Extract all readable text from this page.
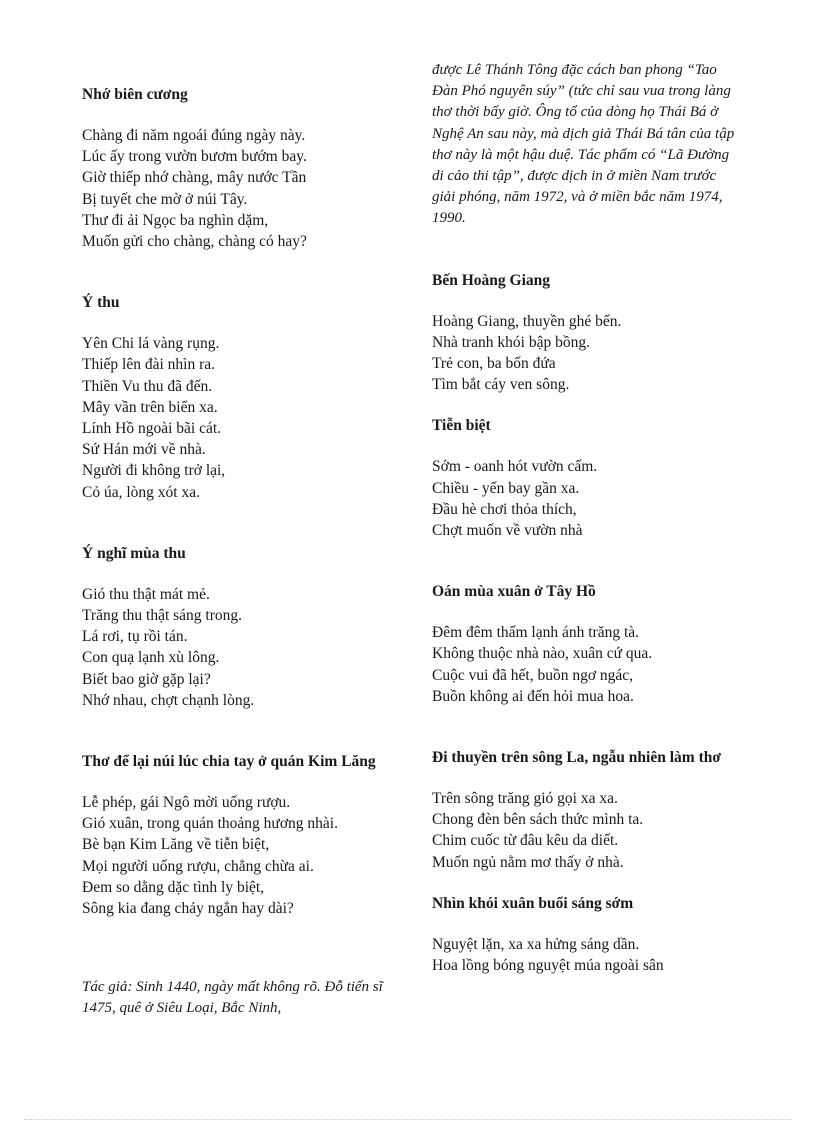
Nhớ biên cương
Chàng đi năm ngoái đúng ngày này.
Lúc ấy trong vườn bươm bướm bay.
Giờ thiếp nhớ chàng, mây nước Tần
Bị tuyết che mờ ở núi Tây.
Thư đi ải Ngọc ba nghìn dặm,
Muốn gửi cho chàng, chàng có hay?
Ý thu
Yên Chi lá vàng rụng.
Thiếp lên đài nhìn ra.
Thiền Vu thu đã đến.
Mây vần trên biển xa.
Lính Hồ ngoài bãi cát.
Sứ Hán mới về nhà.
Người đi không trở lại,
Cỏ úa, lòng xót xa.
Ý nghĩ mùa thu
Gió thu thật mát mẻ.
Trăng thu thật sáng trong.
Lá rơi, tụ rồi tán.
Con quạ lạnh xù lông.
Biết bao giờ gặp lại?
Nhớ nhau, chợt chạnh lòng.
Thơ để lại núi lúc chia tay ở quán Kim Lăng
Lễ phép, gái Ngô mời uống rượu.
Gió xuân, trong quán thoảng hương nhài.
Bè bạn Kim Lăng về tiễn biệt,
Mọi người uống rượu, chẳng chừa ai.
Đem so dằng dặc tình ly biệt,
Sông kia đang chảy ngắn hay dài?

Tác giả: Sinh 1440, ngày mất không rõ. Đỗ tiến sĩ 1475, quê ở Siêu Loại, Bắc Ninh,

được Lê Thánh Tông đặc cách ban phong “Tao Đàn Phó nguyên súy” (tức chỉ sau vua trong làng thơ thời bấy giờ. Ông tổ của dòng họ Thái Bá ở Nghệ An sau này, mà dịch giả Thái Bá tân của tập thơ này là một hậu duệ. Tác phẩm có “Lã Đường di cảo thi tập”, được dịch in ở miền Nam trước giải phóng, năm 1972, và ở miền bắc năm 1974, 1990.

Bến Hoàng Giang
Hoàng Giang, thuyền ghé bến.
Nhà tranh khói bập bồng.
Trẻ con, ba bốn đứa
Tìm bắt cáy ven sông.
Tiễn biệt
Sớm - oanh hót vườn cấm.
Chiều - yến bay gần xa.
Đầu hè chơi thỏa thích,
Chợt muốn về vườn nhà
Oán mùa xuân ở Tây Hồ
Đêm đêm thấm lạnh ánh trăng tà.
Không thuộc nhà nào, xuân cứ qua.
Cuộc vui đã hết, buồn ngơ ngác,
Buồn không ai đến hỏi mua hoa.
Đi thuyền trên sông La, ngẫu nhiên làm thơ
Trên sông trăng gió gọi xa xa.
Chong đèn bên sách thức mình ta.
Chim cuốc từ đâu kêu da diết.
Muốn ngủ nằm mơ thấy ở nhà.
Nhìn khói xuân buổi sáng sớm
Nguyệt lặn, xa xa hửng sáng dần.
Hoa lồng bóng nguyệt múa ngoài sân
